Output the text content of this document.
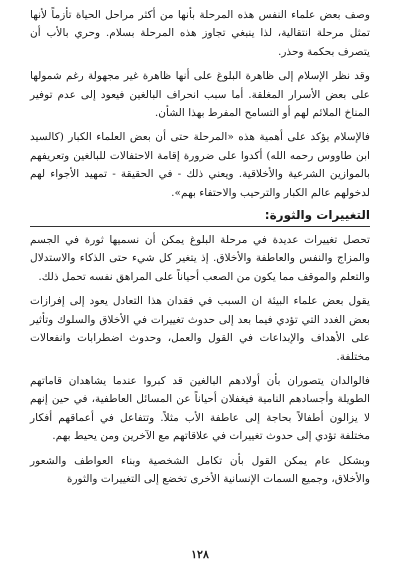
وصف بعض علماء النفس هذه المرحلة بأنها من أكثر مراحل الحياة تأزماً لأنها تمثل مرحلة انتقالية، لذا ينبغي تجاوز هذه المرحلة بسلام. وحري بالأب أن يتصرف بحكمة وحذر.

وقد نظر الإسلام إلى ظاهرة البلوغ على أنها ظاهرة غير مجهولة رغم شمولها على بعض الأسرار المغلقة. أما سبب انحراف البالغين فيعود إلى عدم توفير المناخ الملائم لهم أو التسامح المفرط بهذا الشأن.

فالإسلام يؤكد على أهمية هذه «المرحلة حتى أن بعض العلماء الكبار (كالسيد ابن طاووس رحمه الله) أكدوا على ضرورة إقامة الاحتفالات للبالغين وتعريفهم بالموازين الشرعية والأخلاقية. ويعني ذلك - في الحقيقة - تمهيد الأجواء لهم لدخولهم عالم الكبار والترحيب والاحتفاء بهم».

التغييرات والثورة:

تحصل تغييرات عديدة في مرحلة البلوغ يمكن أن نسميها ثورة في الجسم والمزاج والنفس والعاطفة والأخلاق. إذ يتغير كل شيء حتى الذكاء والاستدلال والتعلم والموقف مما يكون من الصعب أحياناً على المراهق نفسه تحمل ذلك.

يقول بعض علماء البيئة ان السبب في فقدان هذا التعادل يعود إلى إفرازات بعض الغدد التي تؤدي فيما بعد إلى حدوث تغييرات في الأخلاق والسلوك وتأثير على الأهداف والإبداعات في القول والعمل، وحدوث اضطرابات وانفعالات مختلفة.

فالوالدان يتصوران بأن أولادهم البالغين قد كبروا عندما يشاهدان قاماتهم الطويلة وأجسادهم النامية فيغفلان أحياناً عن المسائل العاطفية، في حين إنهم لا يزالون أطفالاً بحاجة إلى عاطفة الأب مثلاً. وتتفاعل في أعماقهم أفكار مختلفة تؤدي إلى حدوث تغييرات في علاقاتهم مع الآخرين ومن يحيط بهم.

وبشكل عام يمكن القول بأن تكامل الشخصية وبناء العواطف والشعور والأخلاق، وجميع السمات الإنسانية الأخرى تخضع إلى التغييرات والثورة

١٢٨
